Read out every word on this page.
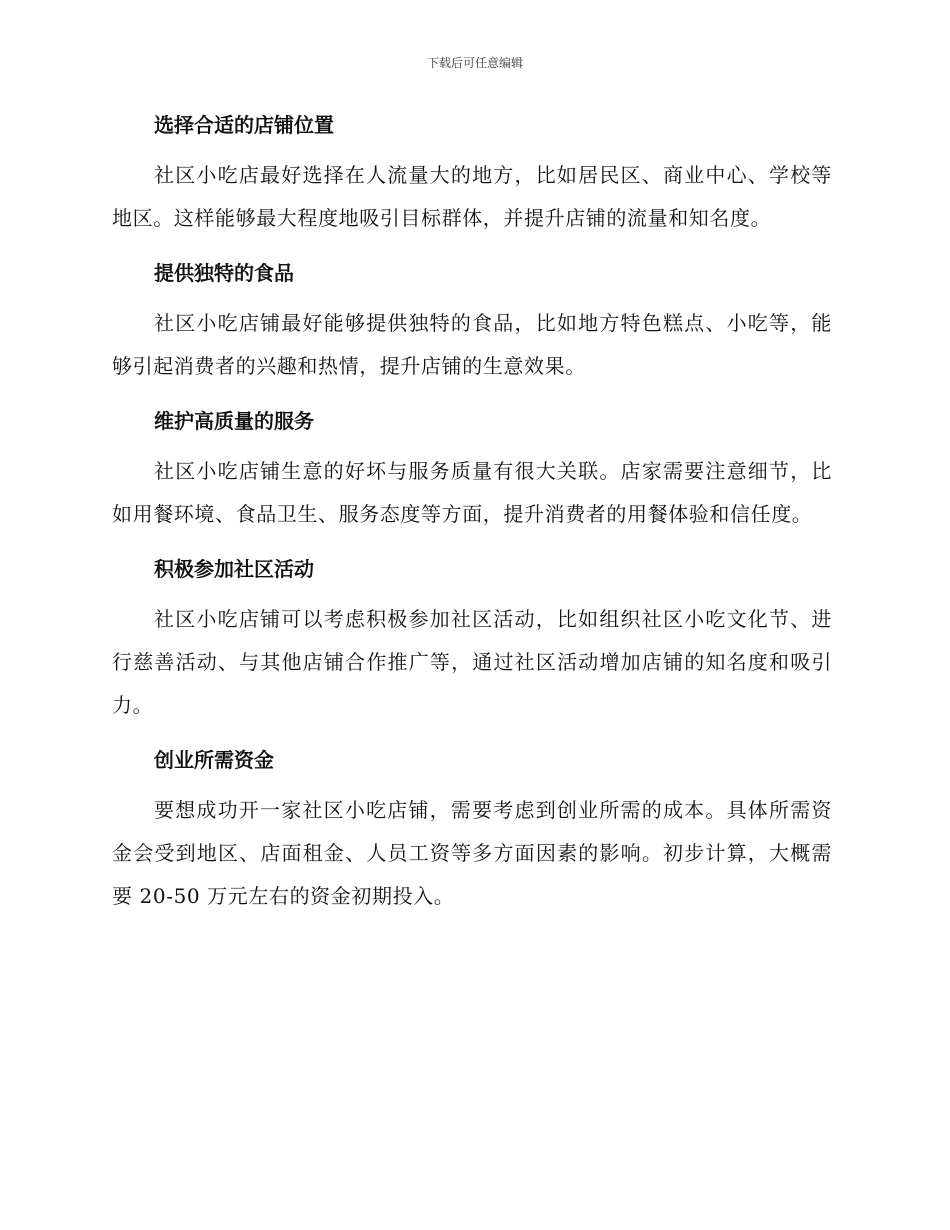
下载后可任意编辑
选择合适的店铺位置

社区小吃店最好选择在人流量大的地方，比如居民区、商业中心、学校等地区。这样能够最大程度地吸引目标群体，并提升店铺的流量和知名度。

提供独特的食品

社区小吃店铺最好能够提供独特的食品，比如地方特色糕点、小吃等，能够引起消费者的兴趣和热情，提升店铺的生意效果。

维护高质量的服务

社区小吃店铺生意的好坏与服务质量有很大关联。店家需要注意细节，比如用餐环境、食品卫生、服务态度等方面，提升消费者的用餐体验和信任度。

积极参加社区活动

社区小吃店铺可以考虑积极参加社区活动，比如组织社区小吃文化节、进行慈善活动、与其他店铺合作推广等，通过社区活动增加店铺的知名度和吸引力。

创业所需资金

要想成功开一家社区小吃店铺，需要考虑到创业所需的成本。具体所需资金会受到地区、店面租金、人员工资等多方面因素的影响。初步计算，大概需要 20-50 万元左右的资金初期投入。
